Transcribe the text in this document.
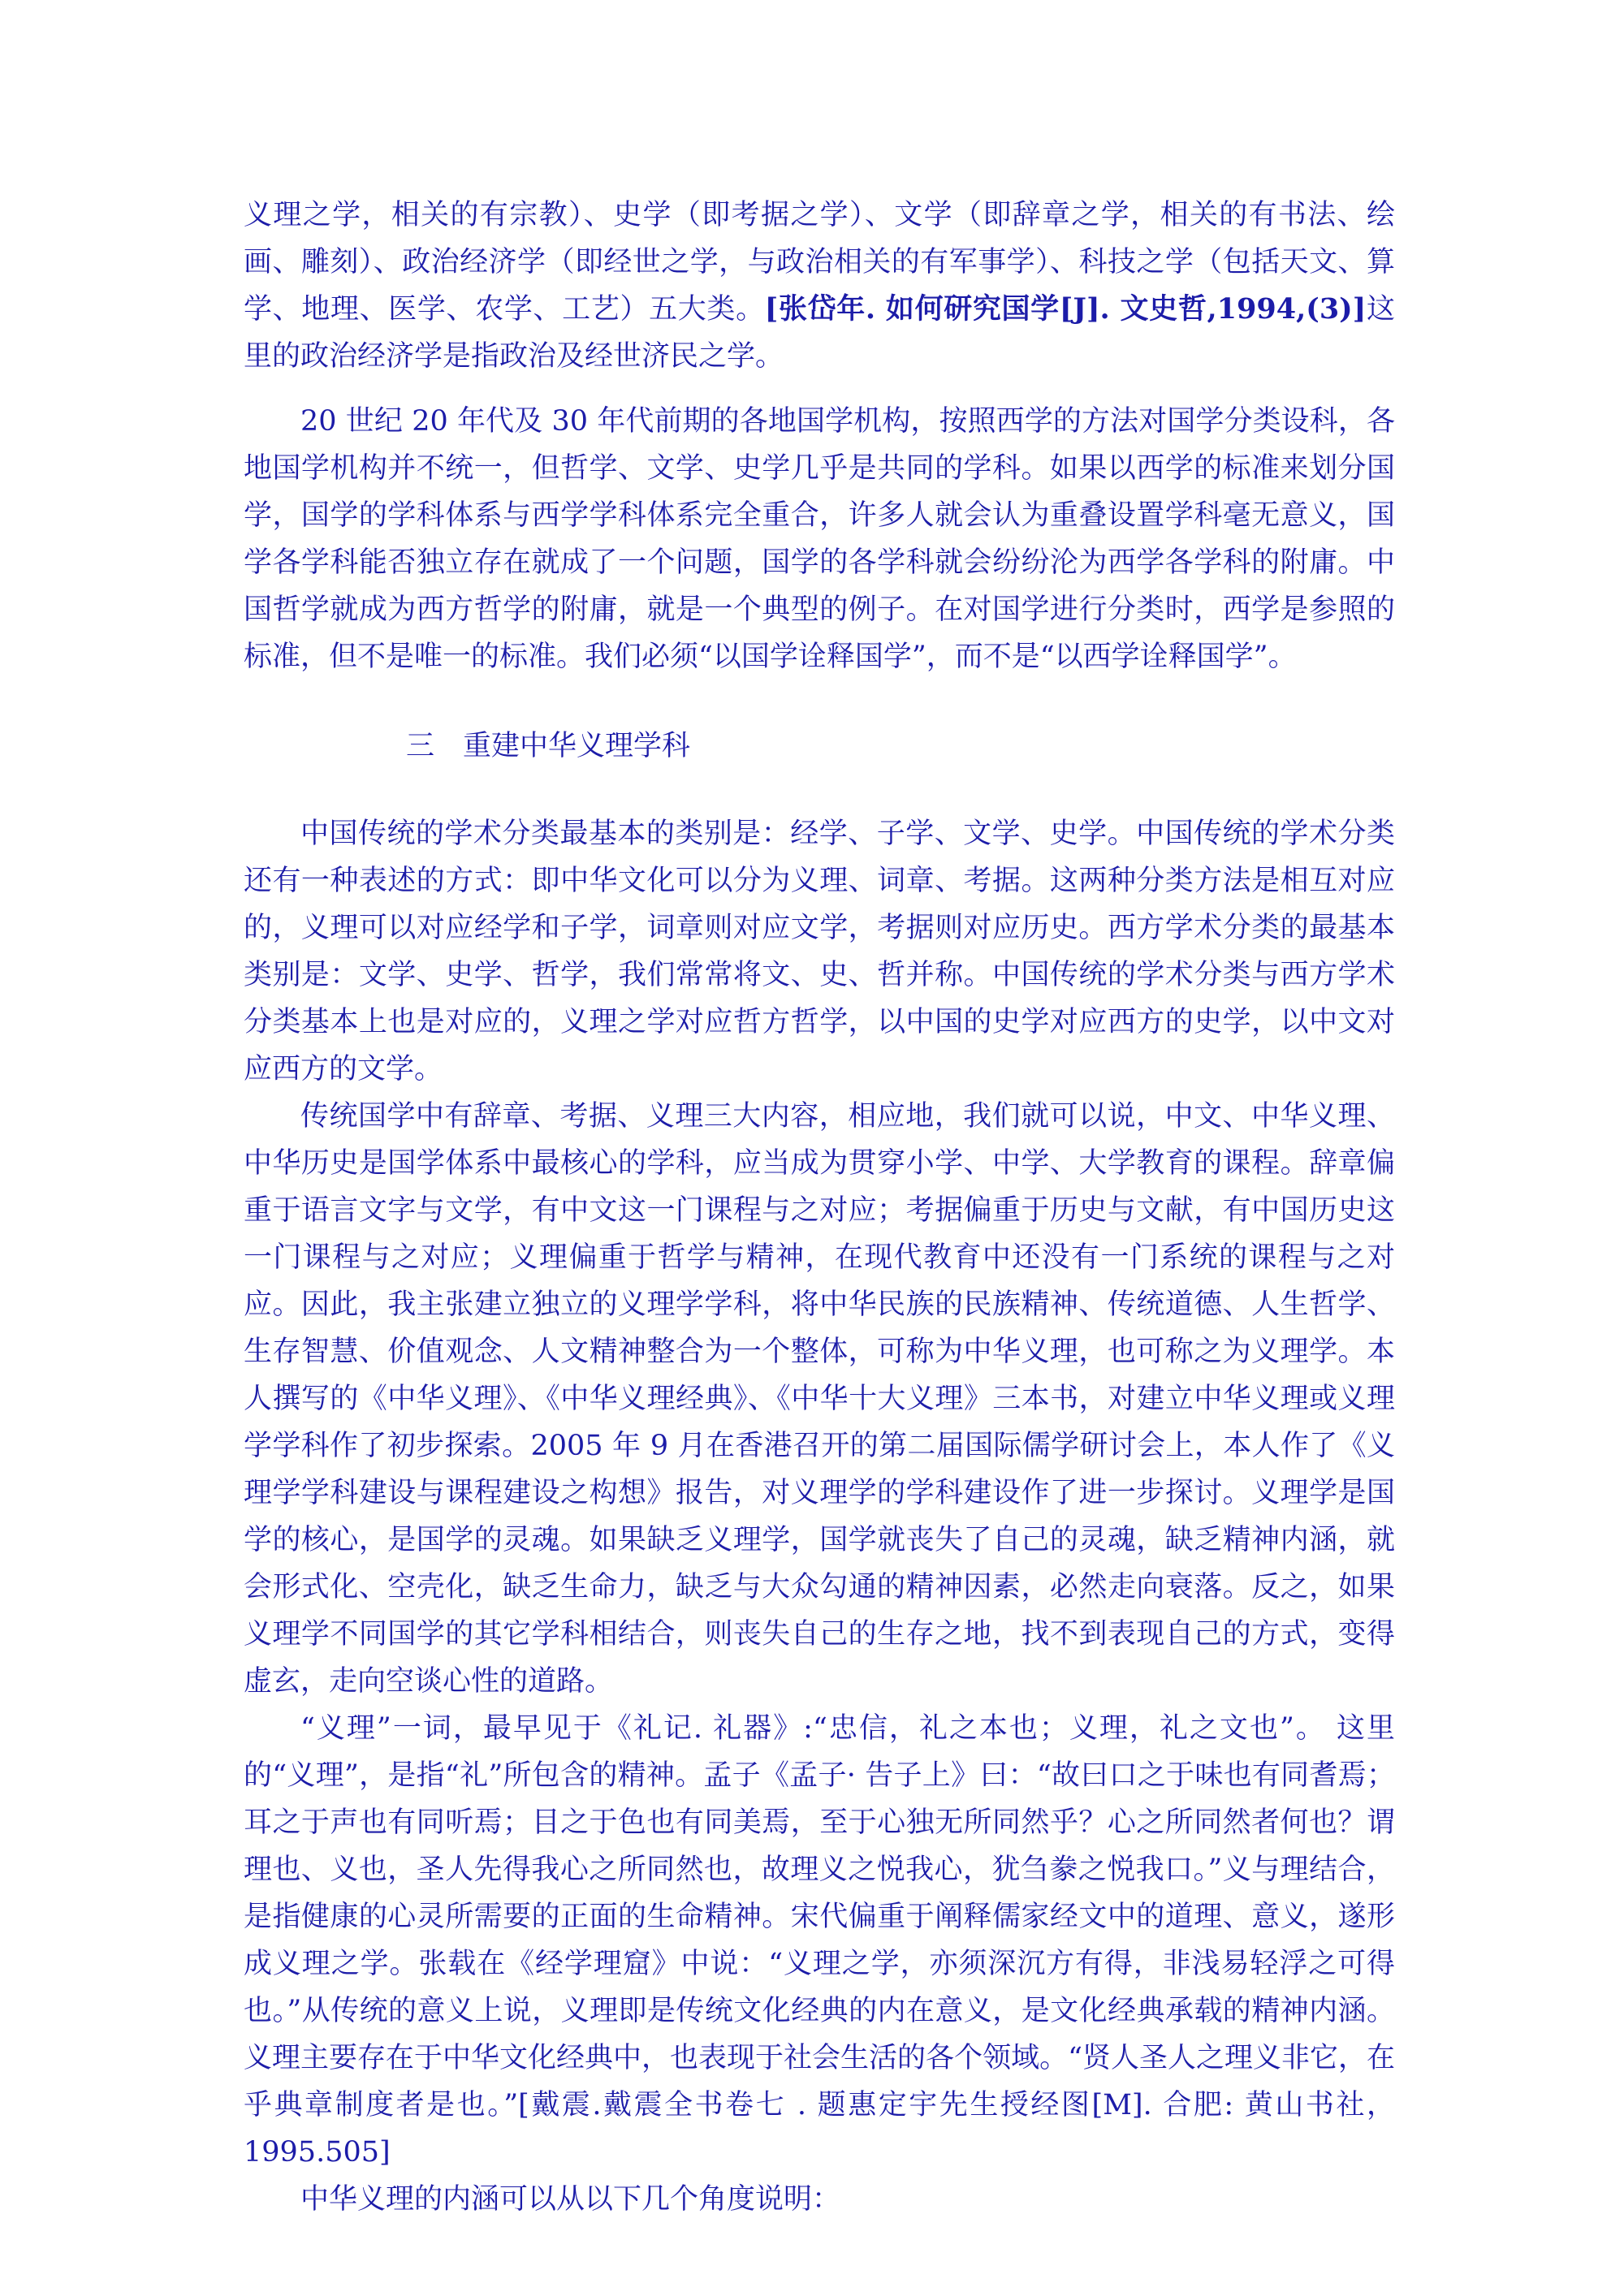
义理之学，相关的有宗教）、史学（即考据之学）、文学（即辞章之学，相关的有书法、绘画、雕刻）、政治经济学（即经世之学，与政治相关的有军事学）、科技之学（包括天文、算学、地理、医学、农学、工艺）五大类。[张岱年. 如何研究国学[J]. 文史哲,1994,(3)]这里的政治经济学是指政治及经世济民之学。

20 世纪 20 年代及 30 年代前期的各地国学机构，按照西学的方法对国学分类设科，各地国学机构并不统一，但哲学、文学、史学几乎是共同的学科。如果以西学的标准来划分国学，国学的学科体系与西学学科体系完全重合，许多人就会认为重叠设置学科毫无意义，国学各学科能否独立存在就成了一个问题，国学的各学科就会纷纷沦为西学各学科的附庸。中国哲学就成为西方哲学的附庸，就是一个典型的例子。在对国学进行分类时，西学是参照的标准，但不是唯一的标准。我们必须“以国学诠释国学”，而不是“以西学诠释国学”。

三　重建中华义理学科

中国传统的学术分类最基本的类别是：经学、子学、文学、史学。中国传统的学术分类还有一种表述的方式：即中华文化可以分为义理、词章、考据。这两种分类方法是相互对应的，义理可以对应经学和子学，词章则对应文学，考据则对应历史。西方学术分类的最基本类别是：文学、史学、哲学，我们常常将文、史、哲并称。中国传统的学术分类与西方学术分类基本上也是对应的，义理之学对应哲方哲学，以中国的史学对应西方的史学，以中文对应西方的文学。

传统国学中有辞章、考据、义理三大内容，相应地，我们就可以说，中文、中华义理、中华历史是国学体系中最核心的学科，应当成为贯穿小学、中学、大学教育的课程。辞章偏重于语言文字与文学，有中文这一门课程与之对应；考据偏重于历史与文献，有中国历史这一门课程与之对应；义理偏重于哲学与精神，在现代教育中还没有一门系统的课程与之对应。因此，我主张建立独立的义理学学科，将中华民族的民族精神、传统道德、人生哲学、生存智慧、价值观念、人文精神整合为一个整体，可称为中华义理，也可称之为义理学。本人撰写的《中华义理》、《中华义理经典》、《中华十大义理》三本书，对建立中华义理或义理学学科作了初步探索。2005 年 9 月在香港召开的第二届国际儒学研讨会上，本人作了《义理学学科建设与课程建设之构想》报告，对义理学的学科建设作了进一步探讨。义理学是国学的核心，是国学的灵魂。如果缺乏义理学，国学就丧失了自己的灵魂，缺乏精神内涵，就会形式化、空壳化，缺乏生命力，缺乏与大众勾通的精神因素，必然走向衰落。反之，如果义理学不同国学的其它学科相结合，则丧失自己的生存之地，找不到表现自己的方式，变得虚玄，走向空谈心性的道路。

“义理”一词，最早见于《礼记. 礼器》:“忠信，礼之本也；义理，礼之文也”。 这里的“义理”，是指“礼”所包含的精神。孟子《孟子· 告子上》曰：“故曰口之于味也有同耆焉；耳之于声也有同听焉；目之于色也有同美焉，至于心独无所同然乎？心之所同然者何也？谓理也、义也，圣人先得我心之所同然也，故理义之悦我心，犹刍豢之悦我口。”义与理结合，是指健康的心灵所需要的正面的生命精神。宋代偏重于阐释儒家经文中的道理、意义，遂形成义理之学。张载在《经学理窟》中说：“义理之学，亦须深沉方有得，非浅易轻浮之可得也。”从传统的意义上说，义理即是传统文化经典的内在意义，是文化经典承载的精神内涵。义理主要存在于中华文化经典中，也表现于社会生活的各个领域。“贤人圣人之理义非它，在乎典章制度者是也。”[戴震.戴震全书卷七 . 题惠定宇先生授经图[M]. 合肥: 黄山书社，1995.505]

中华义理的内涵可以从以下几个角度说明：
